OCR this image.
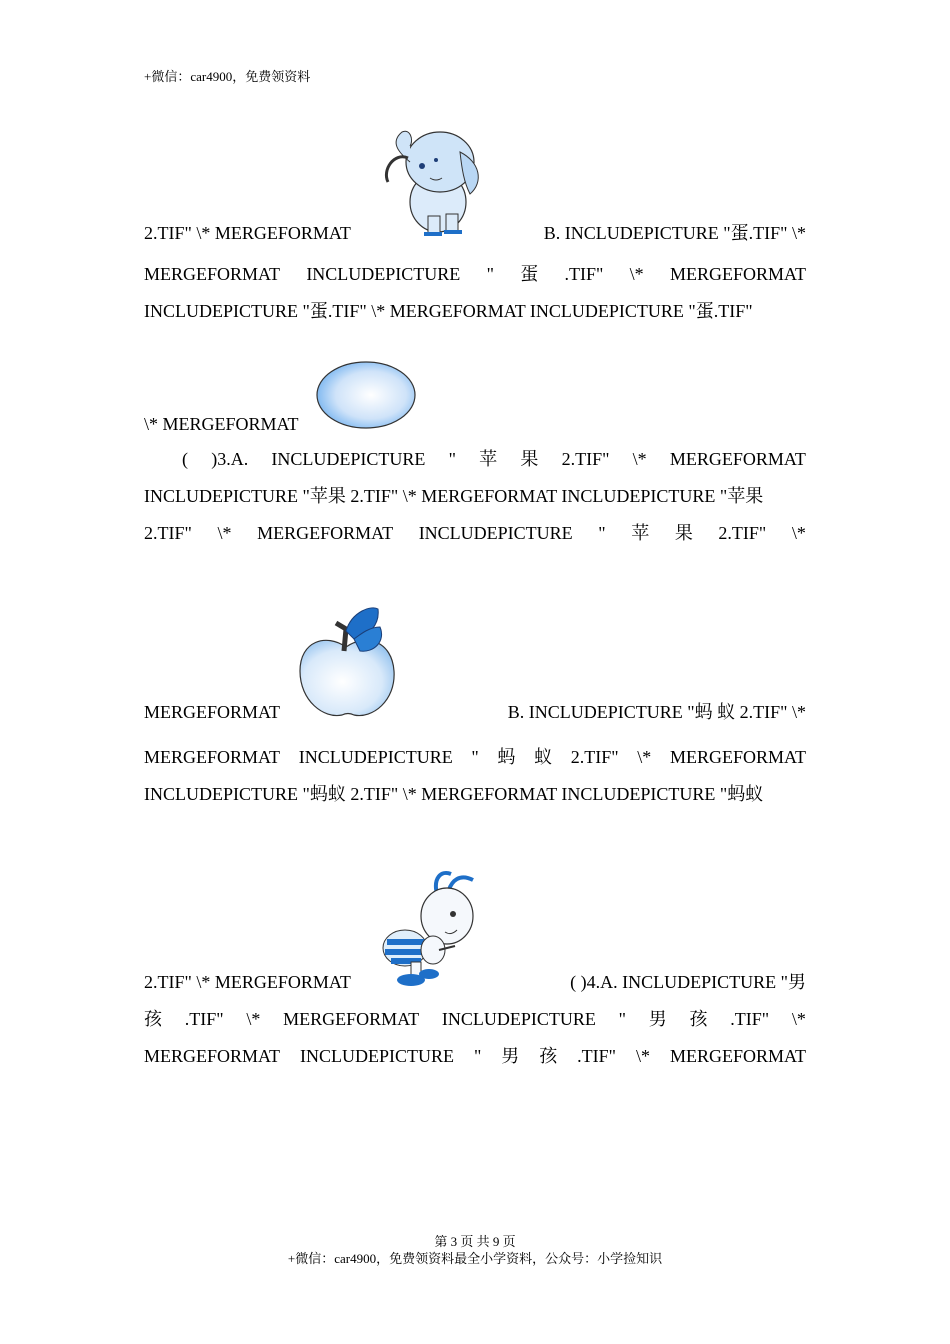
+微信：car4900，免费领资料
2.TIF" \* MERGEFORMAT	B. INCLUDEPICTURE "蛋.TIF" \*
MERGEFORMAT INCLUDEPICTURE " 蛋 .TIF" \* MERGEFORMAT
INCLUDEPICTURE "蛋.TIF" \* MERGEFORMAT INCLUDEPICTURE "蛋.TIF"
\* MERGEFORMAT
( )3.A. INCLUDEPICTURE " 苹 果 2.TIF" \* MERGEFORMAT
INCLUDEPICTURE "苹果 2.TIF" \* MERGEFORMAT INCLUDEPICTURE "苹果
2.TIF" \* MERGEFORMAT INCLUDEPICTURE " 苹 果 2.TIF" \*
MERGEFORMAT	B. INCLUDEPICTURE "蚂 蚁 2.TIF" \*
MERGEFORMAT INCLUDEPICTURE " 蚂 蚁 2.TIF" \* MERGEFORMAT
INCLUDEPICTURE "蚂蚁 2.TIF" \* MERGEFORMAT INCLUDEPICTURE "蚂蚁
2.TIF" \* MERGEFORMAT	( )4.A. INCLUDEPICTURE "男
孩 .TIF" \* MERGEFORMAT INCLUDEPICTURE " 男 孩 .TIF" \*
MERGEFORMAT INCLUDEPICTURE " 男 孩 .TIF" \* MERGEFORMAT
第 3 页 共 9 页
+微信：car4900，免费领资料最全小学资料，公众号：小学捡知识
